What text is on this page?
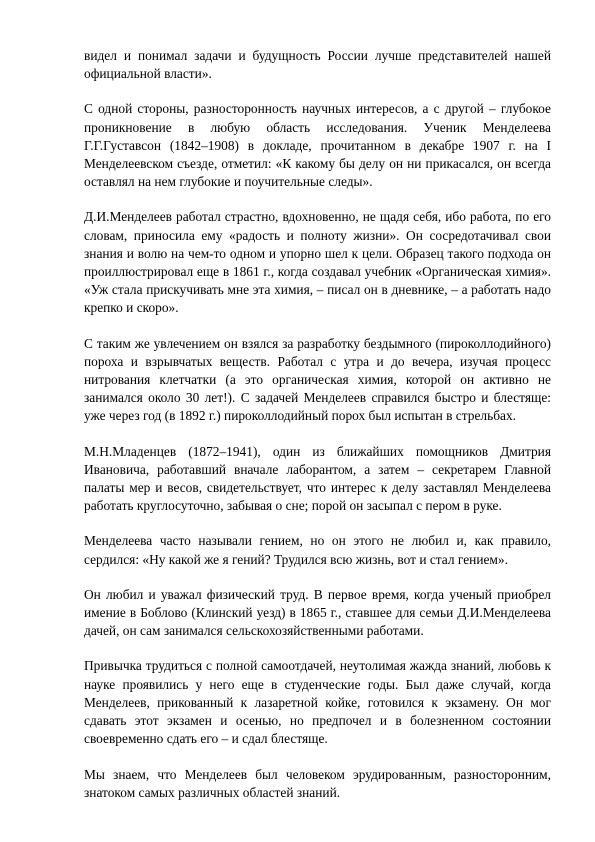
видел и понимал задачи и будущность России лучше представителей нашей официальной власти».

С одной стороны, разносторонность научных интересов, а с другой – глубокое проникновение в любую область исследования. Ученик Менделеева Г.Г.Густавсон (1842–1908) в докладе, прочитанном в декабре 1907 г. на I Менделеевском съезде, отметил: «К какому бы делу он ни прикасался, он всегда оставлял на нем глубокие и поучительные следы».

Д.И.Менделеев работал страстно, вдохновенно, не щадя себя, ибо работа, по его словам, приносила ему «радость и полноту жизни». Он сосредотачивал свои знания и волю на чем-то одном и упорно шел к цели. Образец такого подхода он проиллюстрировал еще в 1861 г., когда создавал учебник «Органическая химия». «Уж стала прискучивать мне эта химия, – писал он в дневнике, – а работать надо крепко и скоро».

С таким же увлечением он взялся за разработку бездымного (пироколлодийного) пороха и взрывчатых веществ. Работал с утра и до вечера, изучая процесс нитрования клетчатки (а это органическая химия, которой он активно не занимался около 30 лет!). С задачей Менделеев справился быстро и блестяще: уже через год (в 1892 г.) пироколлодийный порох был испытан в стрельбах.

М.Н.Младенцев (1872–1941), один из ближайших помощников Дмитрия Ивановича, работавший вначале лаборантом, а затем – секретарем Главной палаты мер и весов, свидетельствует, что интерес к делу заставлял Менделеева работать круглосуточно, забывая о сне; порой он засыпал с пером в руке.

Менделеева часто называли гением, но он этого не любил и, как правило, сердился: «Ну какой же я гений? Трудился всю жизнь, вот и стал гением».

Он любил и уважал физический труд. В первое время, когда ученый приобрел имение в Боблово (Клинский уезд) в 1865 г., ставшее для семьи Д.И.Менделеева дачей, он сам занимался сельскохозяйственными работами.

Привычка трудиться с полной самоотдачей, неутолимая жажда знаний, любовь к науке проявились у него еще в студенческие годы. Был даже случай, когда Менделеев, прикованный к лазаретной койке, готовился к экзамену. Он мог сдавать этот экзамен и осенью, но предпочел и в болезненном состоянии своевременно сдать его – и сдал блестяще.

Мы знаем, что Менделеев был человеком эрудированным, разносторонним, знатоком самых различных областей знаний.
